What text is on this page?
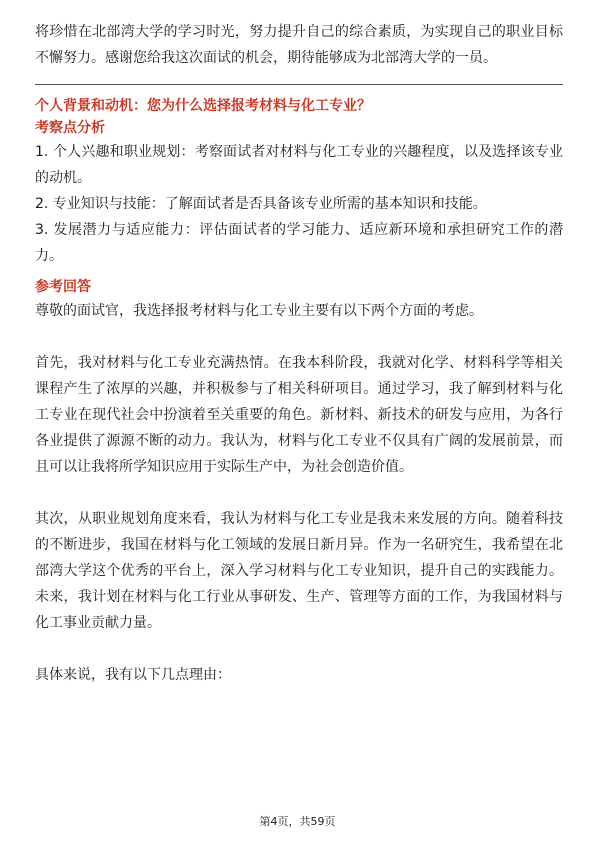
将珍惜在北部湾大学的学习时光，努力提升自己的综合素质，为实现自己的职业目标不懈努力。感谢您给我这次面试的机会，期待能够成为北部湾大学的一员。

个人背景和动机：您为什么选择报考材料与化工专业？
考察点分析

1. 个人兴趣和职业规划：考察面试者对材料与化工专业的兴趣程度，以及选择该专业的动机。

2. 专业知识与技能：了解面试者是否具备该专业所需的基本知识和技能。

3. 发展潜力与适应能力：评估面试者的学习能力、适应新环境和承担研究工作的潜力。

参考回答

尊敬的面试官，我选择报考材料与化工专业主要有以下两个方面的考虑。

首先，我对材料与化工专业充满热情。在我本科阶段，我就对化学、材料科学等相关课程产生了浓厚的兴趣，并积极参与了相关科研项目。通过学习，我了解到材料与化工专业在现代社会中扮演着至关重要的角色。新材料、新技术的研发与应用，为各行各业提供了源源不断的动力。我认为，材料与化工专业不仅具有广阔的发展前景，而且可以让我将所学知识应用于实际生产中，为社会创造价值。

其次，从职业规划角度来看，我认为材料与化工专业是我未来发展的方向。随着科技的不断进步，我国在材料与化工领域的发展日新月异。作为一名研究生，我希望在北部湾大学这个优秀的平台上，深入学习材料与化工专业知识，提升自己的实践能力。未来，我计划在材料与化工行业从事研发、生产、管理等方面的工作，为我国材料与化工事业贡献力量。

具体来说，我有以下几点理由：

第4页，共59页
